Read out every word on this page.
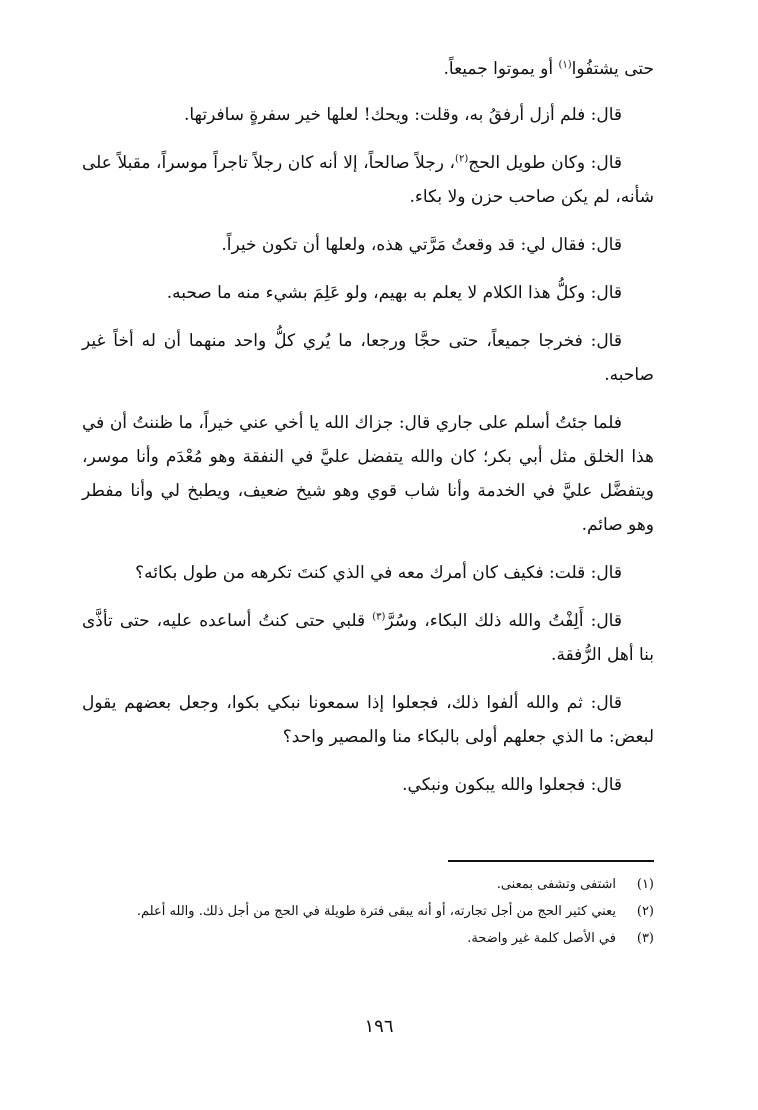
حتى يشتفُوا$^{(١)}$ أو يموتوا جميعاً.

قال: فلم أزل أرفقُ به، وقلت: ويحك! لعلها خير سفرةٍ سافرتها.

قال: وكان طويل الحج$^{(٢)}$، رجلاً صالحاً، إلا أنه كان رجلاً تاجراً موسراً، مقبلاً على شأنه، لم يكن صاحب حزن ولا بكاء.

قال: فقال لي: قد وقعتُ مَرَّتي هذه، ولعلها أن تكون خيراً.

قال: وكلُّ هذا الكلام لا يعلم به بهيم، ولو عَلِمَ بشيء منه ما صحبه.

قال: فخرجا جميعاً، حتى حجَّا ورجعا، ما يُري كلُّ واحد منهما أن له أخاً غير صاحبه.

فلما جئتُ أسلم على جاري قال: جزاك الله يا أخي عني خيراً، ما ظننتُ أن في هذا الخلق مثل أبي بكر؛ كان والله يتفضل عليَّ في النفقة وهو مُعْدَم وأنا موسر، ويتفضَّل عليَّ في الخدمة وأنا شاب قوي وهو شيخ ضعيف، ويطبخ لي وأنا مفطر وهو صائم.

قال: قلت: فكيف كان أمرك معه في الذي كنتَ تكرهه من طول بكائه؟

قال: أَلِفْتُ والله ذلك البكاء، وسُرَّ$^{(٣)}$ قلبي حتى كنتُ أساعده عليه، حتى تأذَّى بنا أهل الرُّفقة.

قال: ثم والله ألفوا ذلك، فجعلوا إذا سمعونا نبكي بكوا، وجعل بعضهم يقول لبعض: ما الذي جعلهم أولى بالبكاء منا والمصير واحد؟

قال: فجعلوا والله يبكون ونبكي.

(١)
اشتفى وتشفى بمعنى.
(٢)
يعني كثير الحج من أجل تجارته، أو أنه يبقى فترة طويلة في الحج من أجل ذلك. والله أعلم.
(٣)
في الأصل كلمة غير واضحة.
١٩٦
